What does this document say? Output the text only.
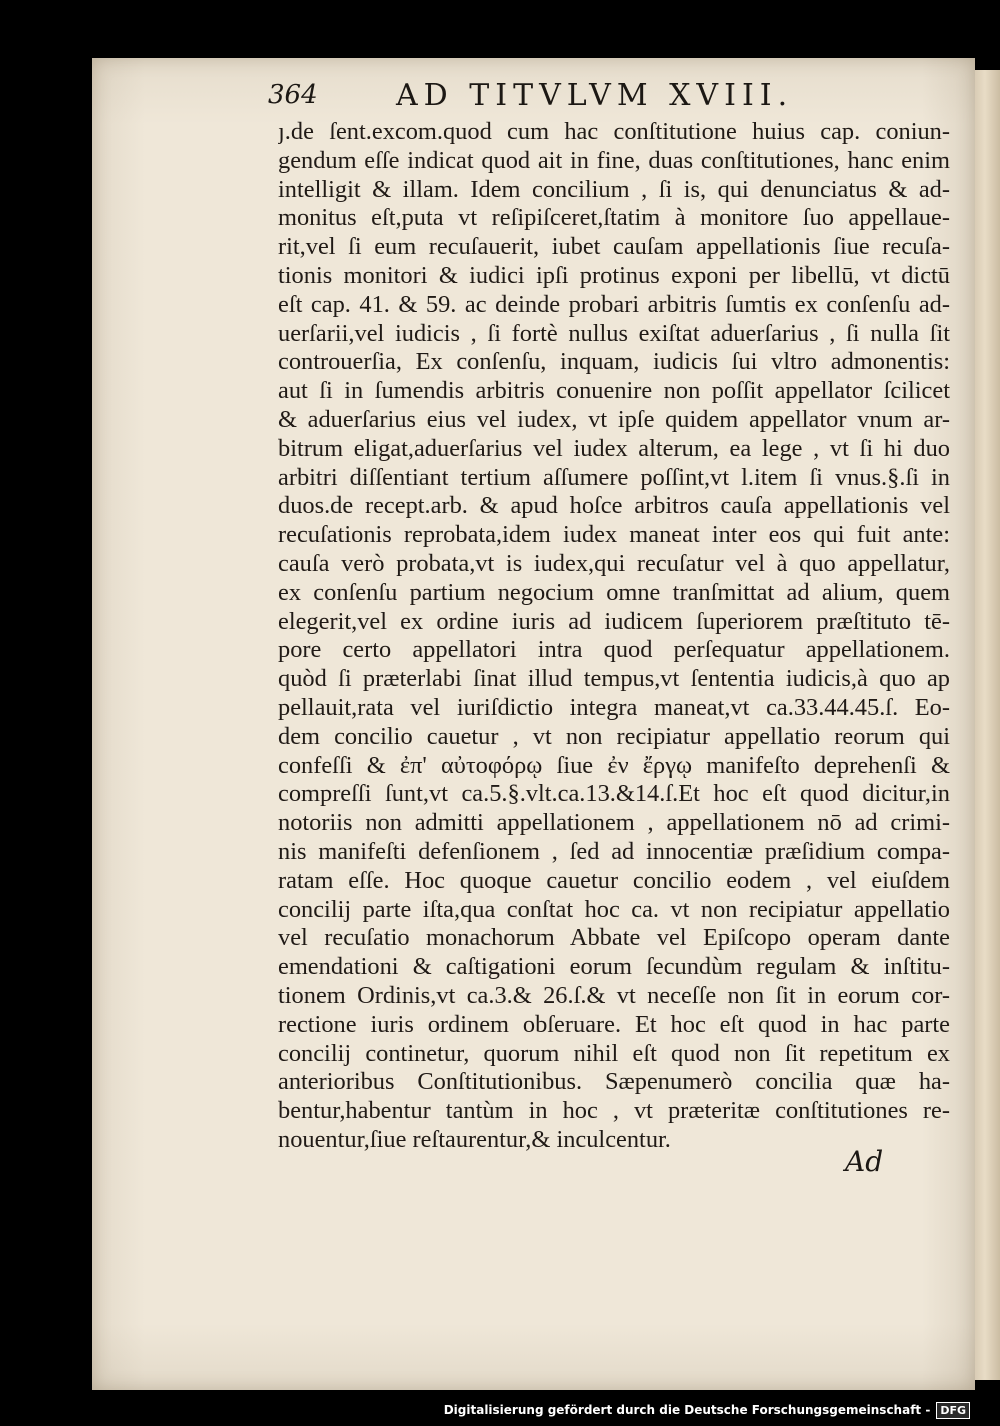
364	AD TITVLVM XVIII.
ȷ.de ſent.excom.quod cum hac conſtitutione huius cap. coniun-
gendum eſſe indicat quod ait in fine, duas conſtitutiones, hanc enim
intelligit & illam. Idem concilium , ſi is, qui denunciatus & ad-
monitus eſt,puta vt reſipiſceret,ſtatim à monitore ſuo appellaue-
rit,vel ſi eum recuſauerit, iubet cauſam appellationis ſiue recuſa-
tionis monitori & iudici ipſi protinus exponi per libellū, vt dictū
eſt cap. 41. & 59. ac deinde probari arbitris ſumtis ex conſenſu ad-
uerſarii,vel iudicis , ſi fortè nullus exiſtat aduerſarius , ſi nulla ſit
controuerſia, Ex conſenſu, inquam, iudicis ſui vltro admonentis:
aut ſi in ſumendis arbitris conuenire non poſſit appellator ſcilicet
& aduerſarius eius vel iudex, vt ipſe quidem appellator vnum ar-
bitrum eligat,aduerſarius vel iudex alterum, ea lege , vt ſi hi duo
arbitri diſſentiant tertium aſſumere poſſint,vt l.item ſi vnus.§.ſi in
duos.de recept.arb. & apud hoſce arbitros cauſa appellationis vel
recuſationis reprobata,idem iudex maneat inter eos qui fuit ante:
cauſa verò probata,vt is iudex,qui recuſatur vel à quo appellatur,
ex conſenſu partium negocium omne tranſmittat ad alium, quem
elegerit,vel ex ordine iuris ad iudicem ſuperiorem præſtituto tē-
pore certo appellatori intra quod perſequatur appellationem.
quòd ſi prӕterlabi ſinat illud tempus,vt ſententia iudicis,à quo ap
pellauit,rata vel iuriſdictio integra maneat,vt ca.33.44.45.ſ. Eo-
dem concilio cauetur , vt non recipiatur appellatio reorum qui
confeſſi & ἐπ' αὐτοφόρῳ ſiue ἐν ἔργῳ manifeſto deprehenſi &
compreſſi ſunt,vt ca.5.§.vlt.ca.13.&14.ſ.Et hoc eſt quod dicitur,in
notoriis non admitti appellationem , appellationem nō ad crimi-
nis manifeſti defenſionem , ſed ad innocentiӕ prӕſidium compa-
ratam eſſe. Hoc quoque cauetur concilio eodem , vel eiuſdem
concilij parte iſta,qua conſtat hoc ca. vt non recipiatur appellatio
vel recuſatio monachorum Abbate vel Epiſcopo operam dante
emendationi & caſtigationi eorum ſecundùm regulam & inſtitu-
tionem Ordinis,vt ca.3.& 26.ſ.& vt neceſſe non ſit in eorum cor-
rectione iuris ordinem obſeruare. Et hoc eſt quod in hac parte
concilij continetur, quorum nihil eſt quod non ſit repetitum ex
anterioribus Conſtitutionibus. Sӕpenumerò concilia quӕ ha-
bentur,habentur tantùm in hoc , vt prӕteritӕ conſtitutiones re-
nouentur,ſiue reſtaurentur,& inculcentur.
Ad
Digitalisierung gefördert durch die Deutsche Forschungsgemeinschaft - DFG
